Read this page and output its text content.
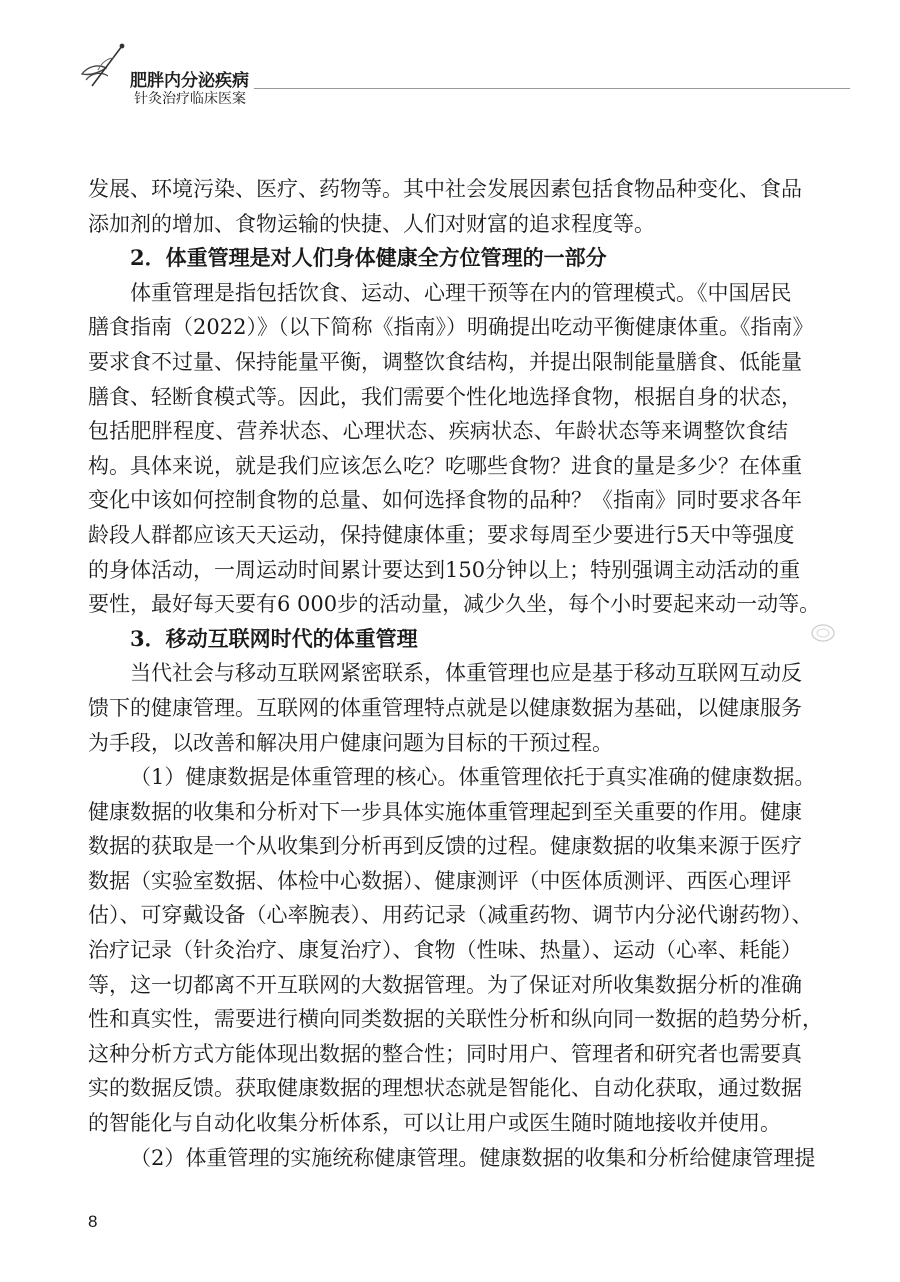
肥胖内分泌疾病
针灸治疗临床医案
发展、环境污染、医疗、药物等。其中社会发展因素包括食物品种变化、食品
添加剂的增加、食物运输的快捷、人们对财富的追求程度等。
2．体重管理是对人们身体健康全方位管理的一部分
体重管理是指包括饮食、运动、心理干预等在内的管理模式。《中国居民
膳食指南（2022）》（以下简称《指南》）明确提出吃动平衡健康体重。《指南》
要求食不过量、保持能量平衡，调整饮食结构，并提出限制能量膳食、低能量
膳食、轻断食模式等。因此，我们需要个性化地选择食物，根据自身的状态，
包括肥胖程度、营养状态、心理状态、疾病状态、年龄状态等来调整饮食结
构。具体来说，就是我们应该怎么吃？吃哪些食物？进食的量是多少？在体重
变化中该如何控制食物的总量、如何选择食物的品种？《指南》同时要求各年
龄段人群都应该天天运动，保持健康体重；要求每周至少要进行5天中等强度
的身体活动，一周运动时间累计要达到150分钟以上；特别强调主动活动的重
要性，最好每天要有6 000步的活动量，减少久坐，每个小时要起来动一动等。
3．移动互联网时代的体重管理
当代社会与移动互联网紧密联系，体重管理也应是基于移动互联网互动反
馈下的健康管理。互联网的体重管理特点就是以健康数据为基础，以健康服务
为手段，以改善和解决用户健康问题为目标的干预过程。
（1）健康数据是体重管理的核心。体重管理依托于真实准确的健康数据。
健康数据的收集和分析对下一步具体实施体重管理起到至关重要的作用。健康
数据的获取是一个从收集到分析再到反馈的过程。健康数据的收集来源于医疗
数据（实验室数据、体检中心数据）、健康测评（中医体质测评、西医心理评
估）、可穿戴设备（心率腕表）、用药记录（减重药物、调节内分泌代谢药物）、
治疗记录（针灸治疗、康复治疗）、食物（性味、热量）、运动（心率、耗能）
等，这一切都离不开互联网的大数据管理。为了保证对所收集数据分析的准确
性和真实性，需要进行横向同类数据的关联性分析和纵向同一数据的趋势分析，
这种分析方式方能体现出数据的整合性；同时用户、管理者和研究者也需要真
实的数据反馈。获取健康数据的理想状态就是智能化、自动化获取，通过数据
的智能化与自动化收集分析体系，可以让用户或医生随时随地接收并使用。
（2）体重管理的实施统称健康管理。健康数据的收集和分析给健康管理提
8
